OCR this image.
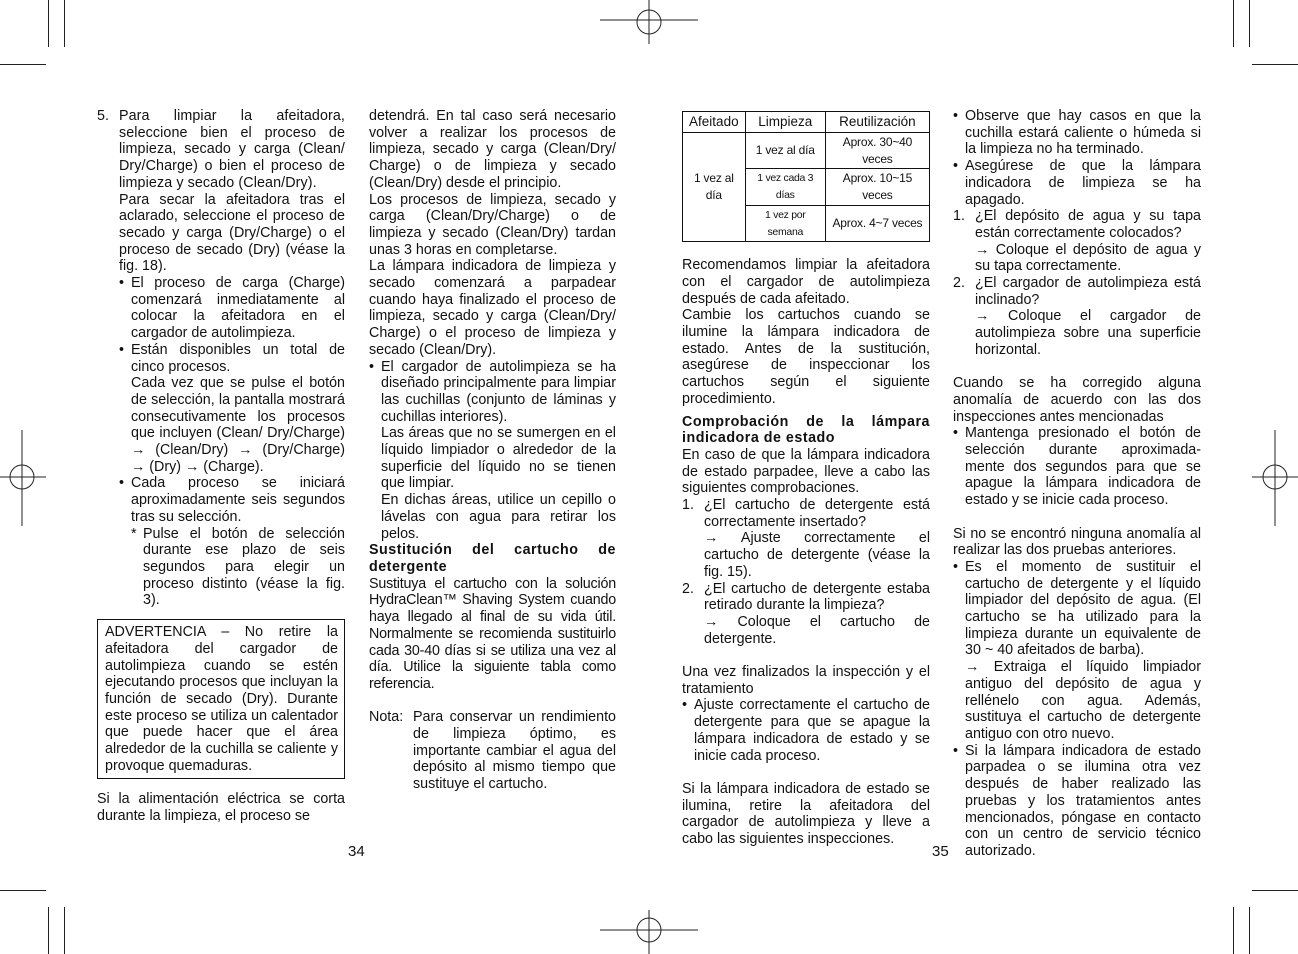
5. Para limpiar la afeitadora, seleccione bien el proceso de limpieza, secado y carga (Clean/ Dry/Charge) o bien el proceso de limpieza y secado (Clean/Dry).

Para secar la afeitadora tras el aclarado, seleccione el proceso de secado y carga (Dry/Charge) o el proceso de secado (Dry) (véase la fig. 18).

• El proceso de carga (Charge) comenzará inmediatamente al colocar la afeitadora en el cargador de autolimpieza.
• Están disponibles un total de cinco procesos.

Cada vez que se pulse el botón de selección, la pantalla mostrará consecutivamente los procesos que incluyen (Clean/ Dry/Charge) → (Clean/Dry) → (Dry/Charge) → (Dry) → (Charge).

• Cada proceso se iniciará aproximadamente seis segundos tras su selección.
* Pulse el botón de selección durante ese plazo de seis segundos para elegir un proceso distinto (véase la fig. 3).
ADVERTENCIA – No retire la afeitadora del cargador de autolimpieza cuando se estén ejecutando procesos que incluyan la función de secado (Dry). Durante este proceso se utiliza un calentador que puede hacer que el área alrededor de la cuchilla se caliente y provoque quemaduras.

Si la alimentación eléctrica se corta durante la limpieza, el proceso se

34

detendrá. En tal caso será necesario volver a realizar los procesos de limpieza, secado y carga (Clean/Dry/ Charge) o de limpieza y secado (Clean/Dry) desde el principio.

Los procesos de limpieza, secado y carga (Clean/Dry/Charge) o de limpieza y secado (Clean/Dry) tardan unas 3 horas en completarse.

La lámpara indicadora de limpieza y secado comenzará a parpadear cuando haya finalizado el proceso de limpieza, secado y carga (Clean/Dry/ Charge) o el proceso de limpieza y secado (Clean/Dry).

• El cargador de autolimpieza se ha diseñado principalmente para limpiar las cuchillas (conjunto de láminas y cuchillas interiores).

Las áreas que no se sumergen en el líquido limpiador o alrededor de la superficie del líquido no se tienen que limpiar.

En dichas áreas, utilice un cepillo o lávelas con agua para retirar los pelos.

Sustitución del cartucho de detergente

Sustituya el cartucho con la solución HydraClean™ Shaving System cuando haya llegado al final de su vida útil. Normalmente se recomienda sustituirlo cada 30-40 días si se utiliza una vez al día. Utilice la siguiente tabla como referencia.

Nota: Para conservar un rendimiento de limpieza óptimo, es importante cambiar el agua del depósito al mismo tiempo que sustituye el cartucho.
Afeitado	Limpieza	Reutilización
1 vez al día	1 vez al día	Aprox. 30~40 veces
	1 vez cada 3 días	Aprox. 10~15 veces
	1 vez por semana	Aprox. 4~7 veces

Recomendamos limpiar la afeitadora con el cargador de autolimpieza después de cada afeitado.

Cambie los cartuchos cuando se ilumine la lámpara indicadora de estado. Antes de la sustitución, asegúrese de inspeccionar los cartuchos según el siguiente procedimiento.

Comprobación de la lámpara indicadora de estado

En caso de que la lámpara indicadora de estado parpadee, lleve a cabo las siguientes comprobaciones.

1. ¿El cartucho de detergente está correctamente insertado?

→ Ajuste correctamente el cartucho de detergente (véase la fig. 15).

2. ¿El cartucho de detergente estaba retirado durante la limpieza?

→ Coloque el cartucho de detergente.

Una vez finalizados la inspección y el tratamiento

• Ajuste correctamente el cartucho de detergente para que se apague la lámpara indicadora de estado y se inicie cada proceso.

Si la lámpara indicadora de estado se ilumina, retire la afeitadora del cargador de autolimpieza y lleve a cabo las siguientes inspecciones.

35
• Observe que hay casos en que la cuchilla estará caliente o húmeda si la limpieza no ha terminado.
• Asegúrese de que la lámpara indicadora de limpieza se ha apagado.
1. ¿El depósito de agua y su tapa están correctamente colocados?

→ Coloque el depósito de agua y su tapa correctamente.

2. ¿El cargador de autolimpieza está inclinado?

→ Coloque el cargador de autolimpieza sobre una superficie horizontal.

Cuando se ha corregido alguna anomalía de acuerdo con las dos inspecciones antes mencionadas

• Mantenga presionado el botón de selección durante aproximada- mente dos segundos para que se apague la lámpara indicadora de estado y se inicie cada proceso.

Si no se encontró ninguna anomalía al realizar las dos pruebas anteriores.

• Es el momento de sustituir el cartucho de detergente y el líquido limpiador del depósito de agua. (El cartucho se ha utilizado para la limpieza durante un equivalente de 30 ~ 40 afeitados de barba).

→ Extraiga el líquido limpiador antiguo del depósito de agua y rellénelo con agua. Además, sustituya el cartucho de detergente antiguo con otro nuevo.

• Si la lámpara indicadora de estado parpadea o se ilumina otra vez después de haber realizado las pruebas y los tratamientos antes mencionados, póngase en contacto con un centro de servicio técnico autorizado.
